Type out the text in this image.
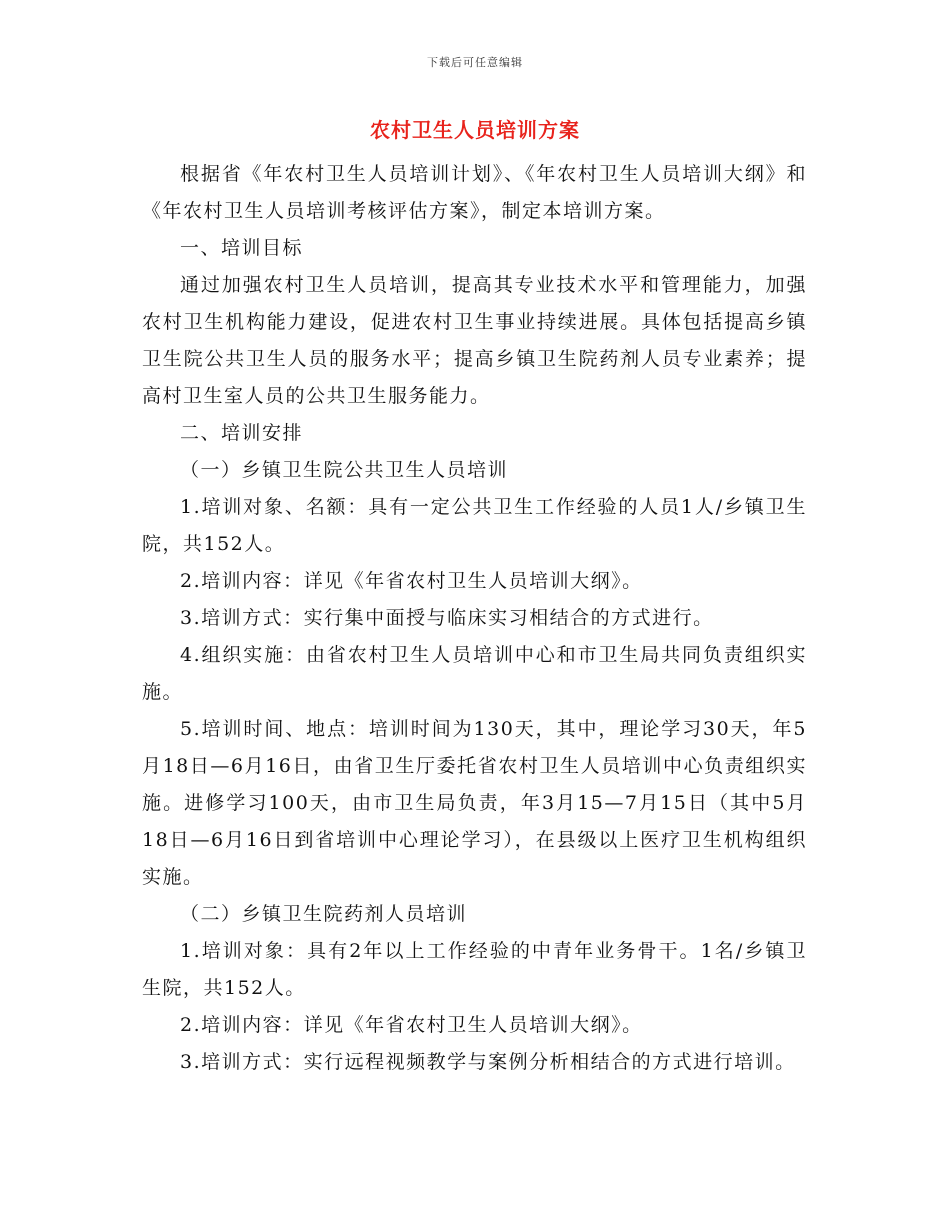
下载后可任意编辑
农村卫生人员培训方案

根据省《年农村卫生人员培训计划》、《年农村卫生人员培训大纲》和《年农村卫生人员培训考核评估方案》，制定本培训方案。

一、培训目标

通过加强农村卫生人员培训，提高其专业技术水平和管理能力，加强农村卫生机构能力建设，促进农村卫生事业持续进展。具体包括提高乡镇卫生院公共卫生人员的服务水平；提高乡镇卫生院药剂人员专业素养；提高村卫生室人员的公共卫生服务能力。

二、培训安排

（一）乡镇卫生院公共卫生人员培训

1.培训对象、名额：具有一定公共卫生工作经验的人员1人/乡镇卫生院，共152人。

2.培训内容：详见《年省农村卫生人员培训大纲》。

3.培训方式：实行集中面授与临床实习相结合的方式进行。

4.组织实施：由省农村卫生人员培训中心和市卫生局共同负责组织实施。

5.培训时间、地点：培训时间为130天，其中，理论学习30天，年5月18日—6月16日，由省卫生厅委托省农村卫生人员培训中心负责组织实施。进修学习100天，由市卫生局负责，年3月15—7月15日（其中5月18日—6月16日到省培训中心理论学习），在县级以上医疗卫生机构组织实施。

（二）乡镇卫生院药剂人员培训

1.培训对象：具有2年以上工作经验的中青年业务骨干。1名/乡镇卫生院，共152人。

2.培训内容：详见《年省农村卫生人员培训大纲》。

3.培训方式：实行远程视频教学与案例分析相结合的方式进行培训。
